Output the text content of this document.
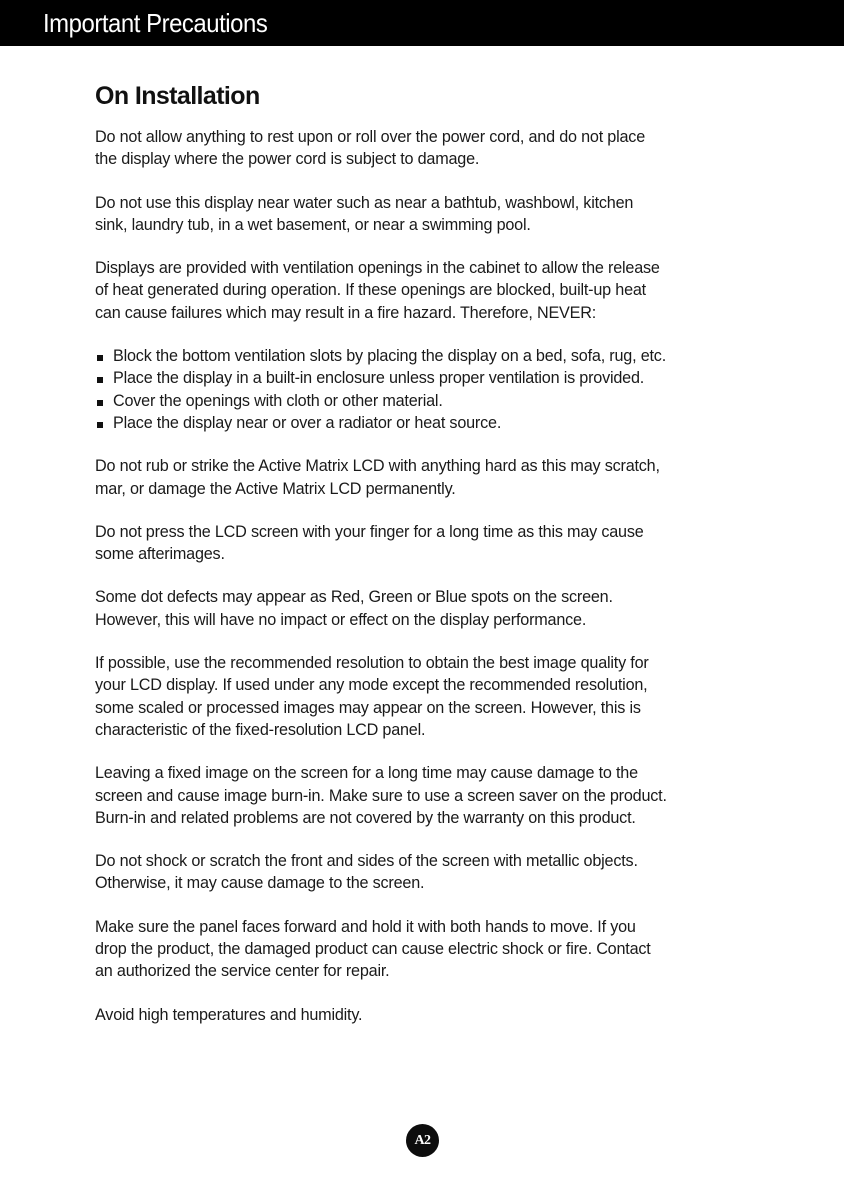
Important Precautions
On Installation

Do not allow anything to rest upon or roll over the power cord, and do not place
the display where the power cord is subject to damage.

Do not use this display near water such as near a bathtub, washbowl, kitchen
sink, laundry tub, in a wet basement, or near a swimming pool.

Displays are provided with ventilation openings in the cabinet to allow the release
of heat generated during operation. If these openings are blocked, built-up heat
can cause failures which may result in a fire hazard. Therefore, NEVER:

Block the bottom ventilation slots by placing the display on a bed, sofa, rug, etc.
Place the display in a built-in enclosure unless proper ventilation is provided.
Cover the openings with cloth or other material.
Place the display near or over a radiator or heat source.

Do not rub or strike the Active Matrix LCD with anything hard as this may scratch,
mar, or damage the Active Matrix LCD permanently.

Do not press the LCD screen with your finger for a long time as this may cause
some afterimages.

Some dot defects may appear as Red, Green or Blue spots on the screen.
However, this will have no impact or effect on the display performance.

If possible, use the recommended resolution to obtain the best image quality for
your LCD display. If used under any mode except the recommended resolution,
some scaled or processed images may appear on the screen. However, this is
characteristic of the fixed-resolution LCD panel.

Leaving a fixed image on the screen for a long time may cause damage to the
screen and cause image burn-in. Make sure to use a screen saver on the product.
Burn-in and related problems are not covered by the warranty on this product.

Do not shock or scratch the front and sides of the screen with metallic objects.
Otherwise, it may cause damage to the screen.

Make sure the panel faces forward and hold it with both hands to move. If you
drop the product, the damaged product can cause electric shock or fire. Contact
an authorized the service center for repair.

Avoid high temperatures and humidity.

A2
